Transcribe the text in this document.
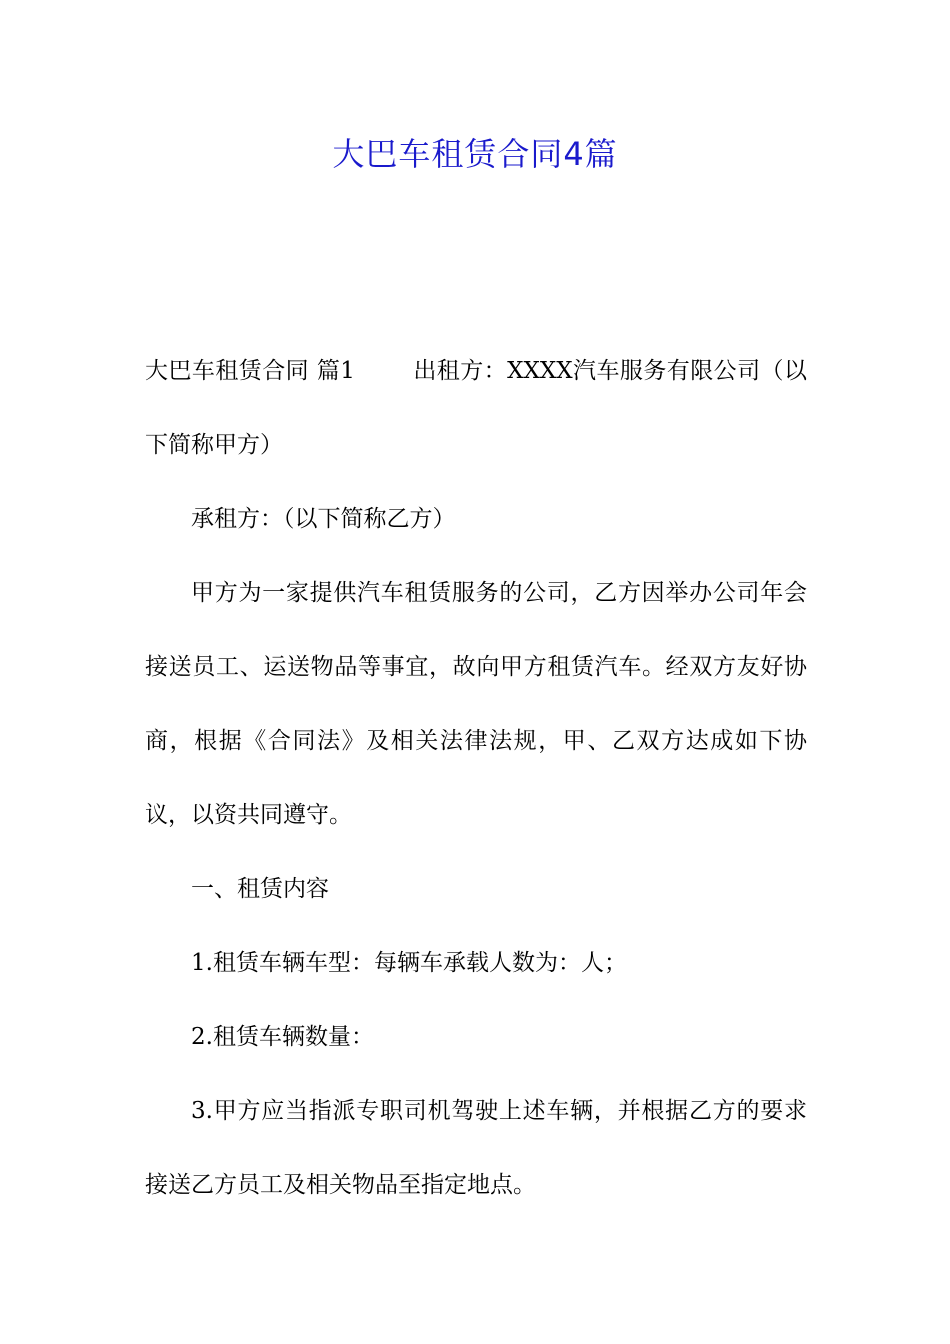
大巴车租赁合同4篇

大巴车租赁合同 篇1	出租方：XXXX汽车服务有限公司（以下简称甲方）

承租方：（以下简称乙方）

甲方为一家提供汽车租赁服务的公司，乙方因举办公司年会接送员工、运送物品等事宜，故向甲方租赁汽车。经双方友好协商，根据《合同法》及相关法律法规，甲、乙双方达成如下协议，以资共同遵守。

一、租赁内容

1.租赁车辆车型：每辆车承载人数为：人；

2.租赁车辆数量：

3.甲方应当指派专职司机驾驶上述车辆，并根据乙方的要求接送乙方员工及相关物品至指定地点。
